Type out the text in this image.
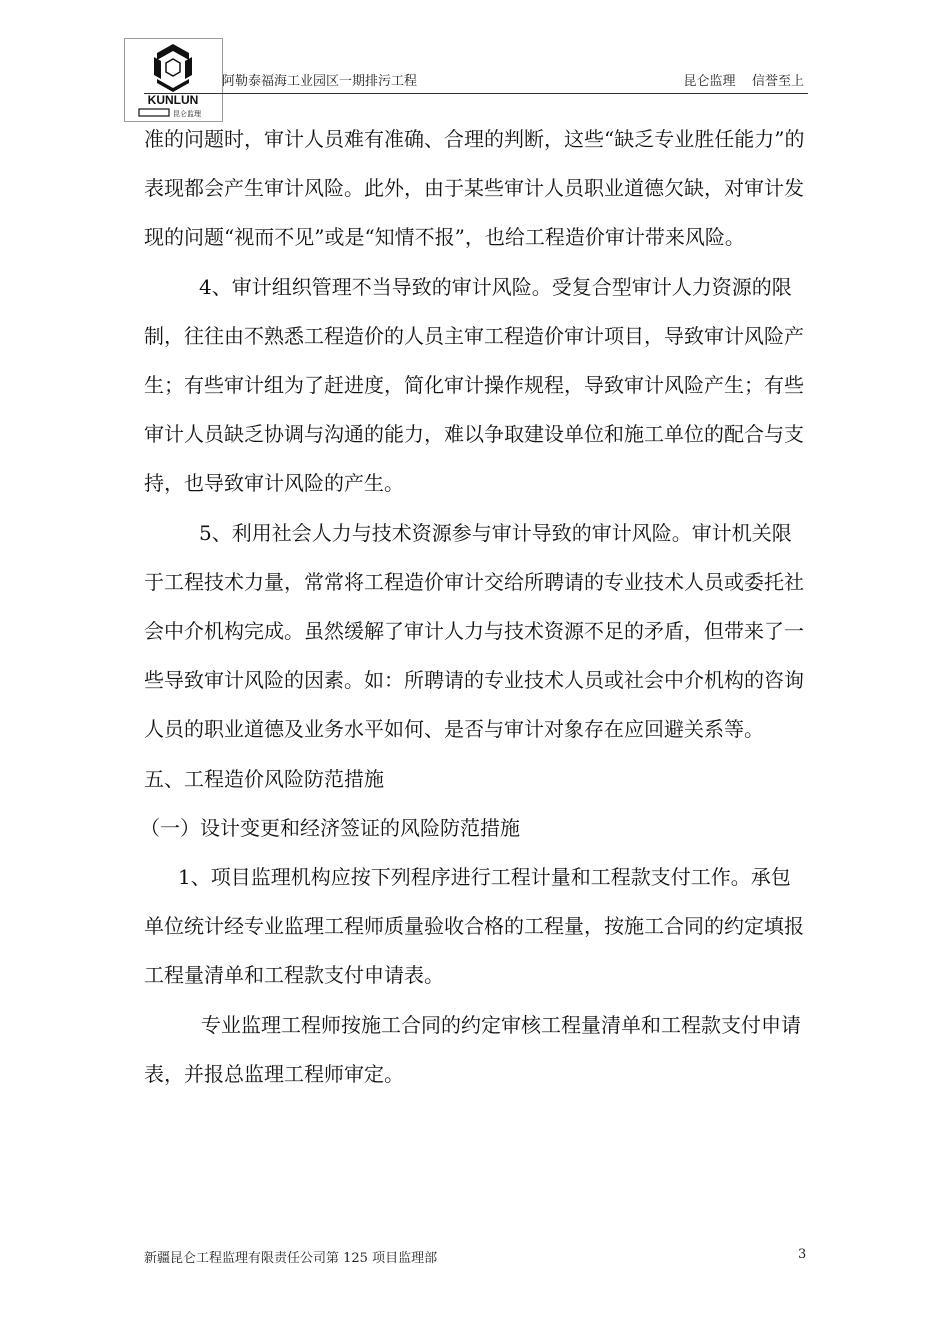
KUNLUN
昆仑监理
阿勒泰福海工业园区一期排污工程	昆仑监理    信誉至上

准的问题时，审计人员难有准确、合理的判断，这些“缺乏专业胜任能力”的表现都会产生审计风险。此外，由于某些审计人员职业道德欠缺，对审计发现的问题“视而不见”或是“知情不报”，也给工程造价审计带来风险。

4、审计组织管理不当导致的审计风险。受复合型审计人力资源的限制，往往由不熟悉工程造价的人员主审工程造价审计项目，导致审计风险产生；有些审计组为了赶进度，简化审计操作规程，导致审计风险产生；有些审计人员缺乏协调与沟通的能力，难以争取建设单位和施工单位的配合与支持，也导致审计风险的产生。

5、利用社会人力与技术资源参与审计导致的审计风险。审计机关限于工程技术力量，常常将工程造价审计交给所聘请的专业技术人员或委托社会中介机构完成。虽然缓解了审计人力与技术资源不足的矛盾，但带来了一些导致审计风险的因素。如：所聘请的专业技术人员或社会中介机构的咨询人员的职业道德及业务水平如何、是否与审计对象存在应回避关系等。

五、工程造价风险防范措施

（一）设计变更和经济签证的风险防范措施

1、项目监理机构应按下列程序进行工程计量和工程款支付工作。承包单位统计经专业监理工程师质量验收合格的工程量，按施工合同的约定填报工程量清单和工程款支付申请表。

专业监理工程师按施工合同的约定审核工程量清单和工程款支付申请表，并报总监理工程师审定。

新疆昆仑工程监理有限责任公司第 125 项目监理部	3
